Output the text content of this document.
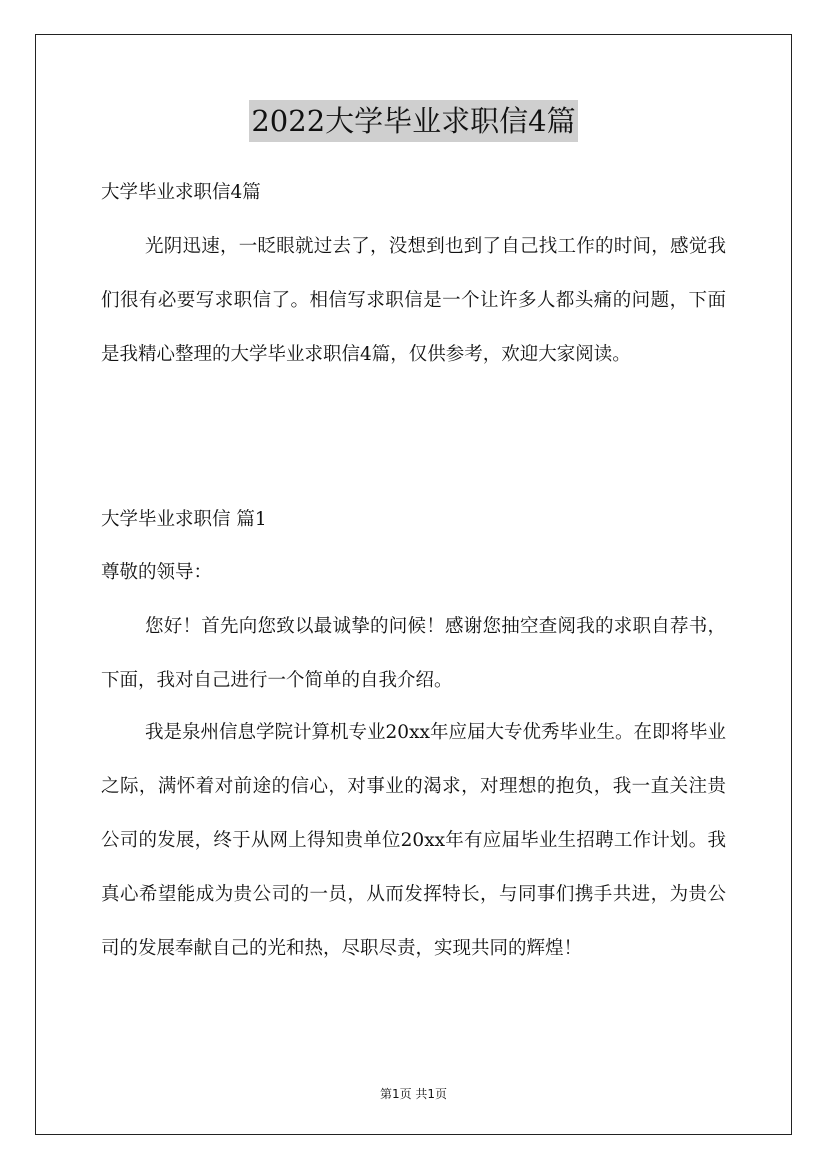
2022大学毕业求职信4篇
大学毕业求职信4篇

光阴迅速，一眨眼就过去了，没想到也到了自己找工作的时间，感觉我们很有必要写求职信了。相信写求职信是一个让许多人都头痛的问题，下面是我精心整理的大学毕业求职信4篇，仅供参考，欢迎大家阅读。

大学毕业求职信 篇1
尊敬的领导：

您好！首先向您致以最诚挚的问候！感谢您抽空查阅我的求职自荐书，下面，我对自己进行一个简单的自我介绍。

我是泉州信息学院计算机专业20xx年应届大专优秀毕业生。在即将毕业之际，满怀着对前途的信心，对事业的渴求，对理想的抱负，我一直关注贵公司的发展，终于从网上得知贵单位20xx年有应届毕业生招聘工作计划。我真心希望能成为贵公司的一员，从而发挥特长，与同事们携手共进，为贵公司的发展奉献自己的光和热，尽职尽责，实现共同的辉煌！

第1页 共1页
